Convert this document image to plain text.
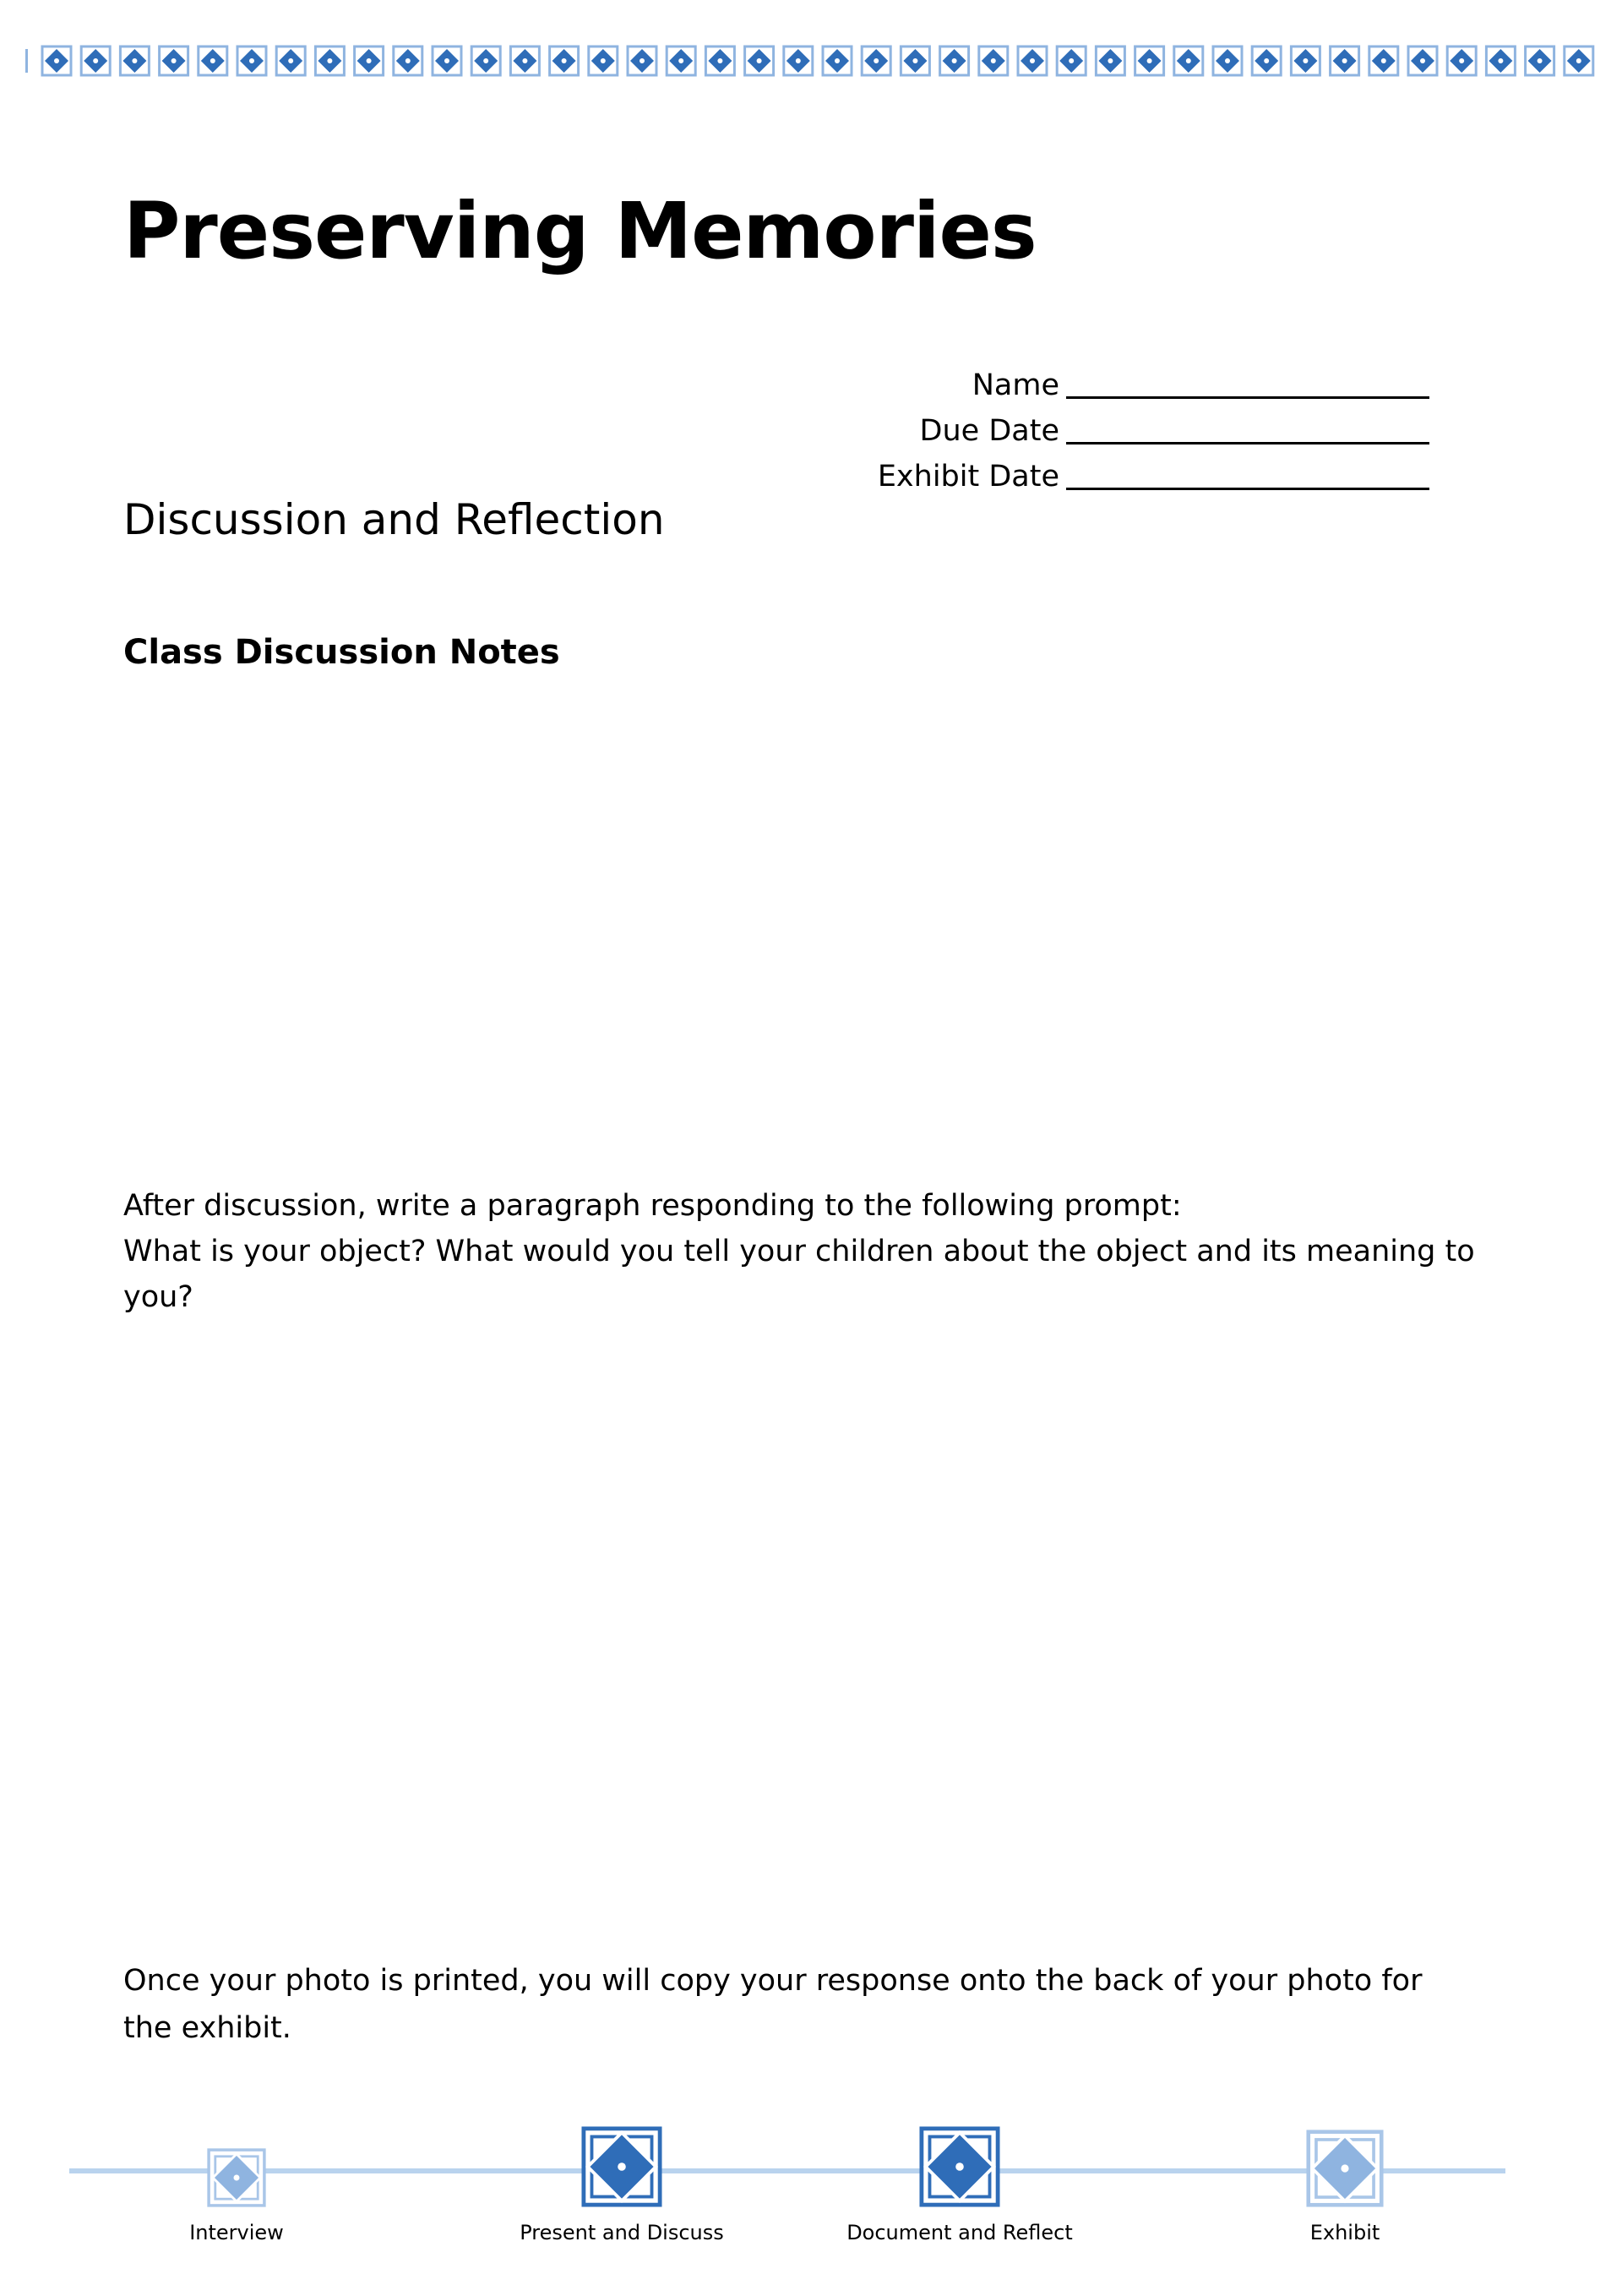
Preserving Memories
Name
Due Date
Exhibit Date
Discussion and Reflection
Class Discussion Notes

After discussion, write a paragraph responding to the following prompt:

What is your object? What would you tell your children about the object and its meaning to you?

Once your photo is printed, you will copy your response onto the back of your photo for the exhibit.

Interview	Present and Discuss	Document and Reflect	Exhibit
